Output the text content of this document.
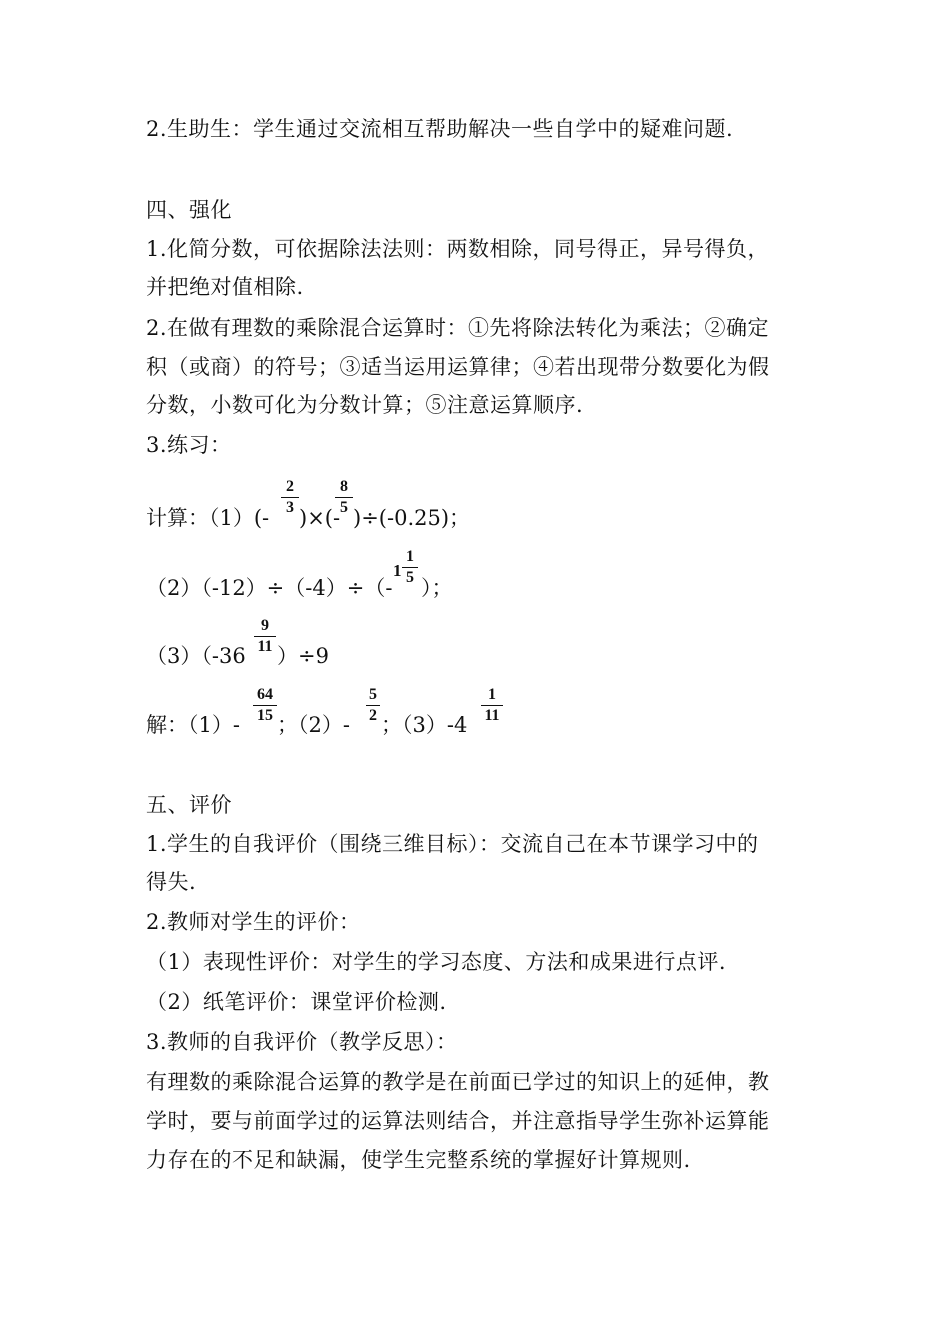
2.生助生：学生通过交流相互帮助解决一些自学中的疑难问题.
四、强化
1.化简分数，可依据除法法则：两数相除，同号得正，异号得负，
并把绝对值相除.
2.在做有理数的乘除混合运算时：①先将除法转化为乘法；②确定
积（或商）的符号；③适当运用运算律；④若出现带分数要化为假
分数，小数可化为分数计算；⑤注意运算顺序.
3.练习：
计算：（1）(-
$\frac{2}{3}$
)×(-
$\frac{8}{5}$
)÷(-0.25)；
（2）（-12）÷（-4）÷（-
$1 \frac{1}{5}$
）；
（3）（-36
$\frac{9}{11}$
）÷9
解：（1）-
$\frac{64}{15}$
；（2）-
$\frac{5}{2}$
；（3）-4
$\frac{1}{11}$
五、评价
1.学生的自我评价（围绕三维目标）：交流自己在本节课学习中的
得失.
2.教师对学生的评价：
（1）表现性评价：对学生的学习态度、方法和成果进行点评.
（2）纸笔评价：课堂评价检测.
3.教师的自我评价（教学反思）：
有理数的乘除混合运算的教学是在前面已学过的知识上的延伸，教
学时，要与前面学过的运算法则结合，并注意指导学生弥补运算能
力存在的不足和缺漏，使学生完整系统的掌握好计算规则.
